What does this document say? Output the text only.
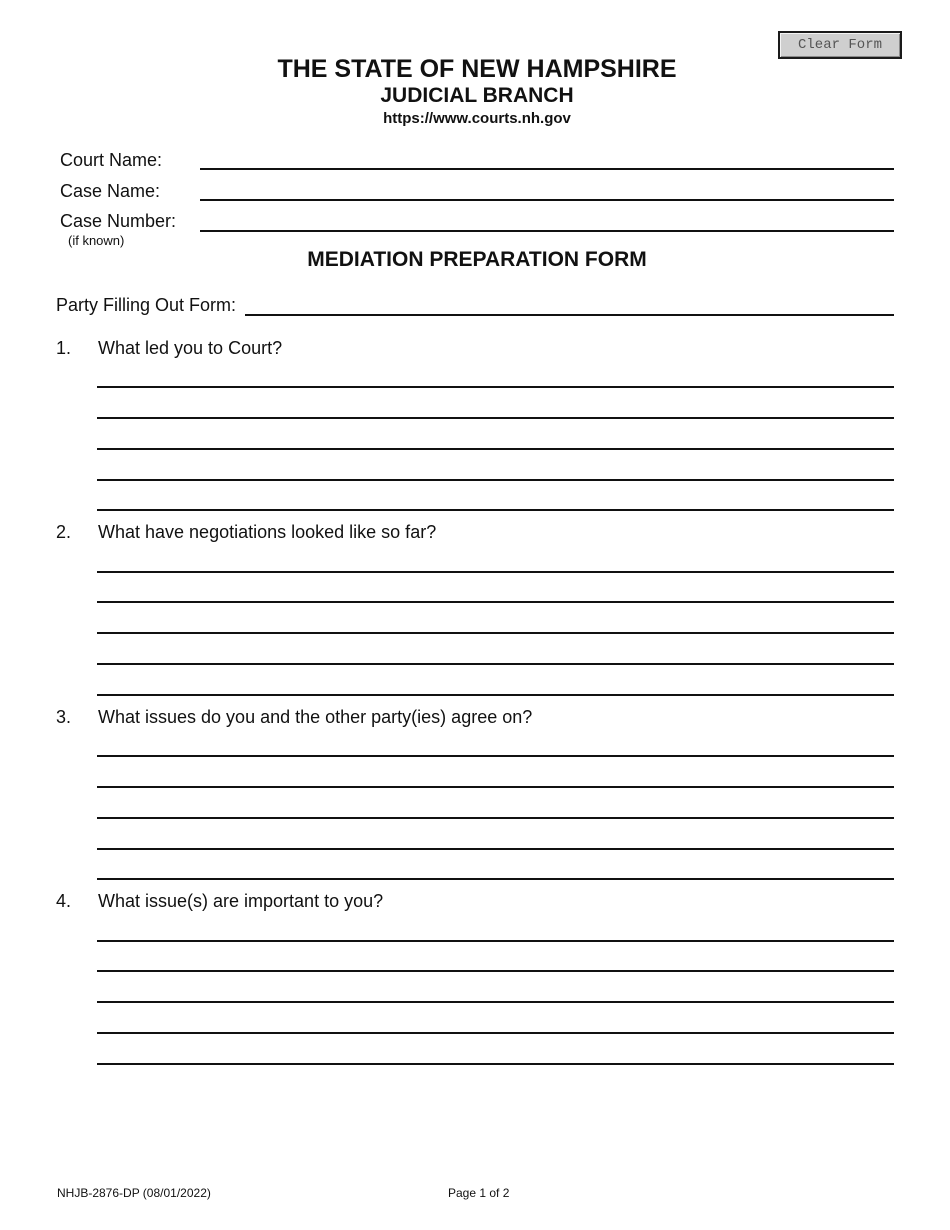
Clear Form
THE STATE OF NEW HAMPSHIRE
JUDICIAL BRANCH
https://www.courts.nh.gov
Court Name:
Case Name:
Case Number:
(if known)
MEDIATION PREPARATION FORM
Party Filling Out Form:
1. What led you to Court?
2. What have negotiations looked like so far?
3. What issues do you and the other party(ies) agree on?
4. What issue(s) are important to you?
NHJB-2876-DP (08/01/2022)	Page 1 of 2
